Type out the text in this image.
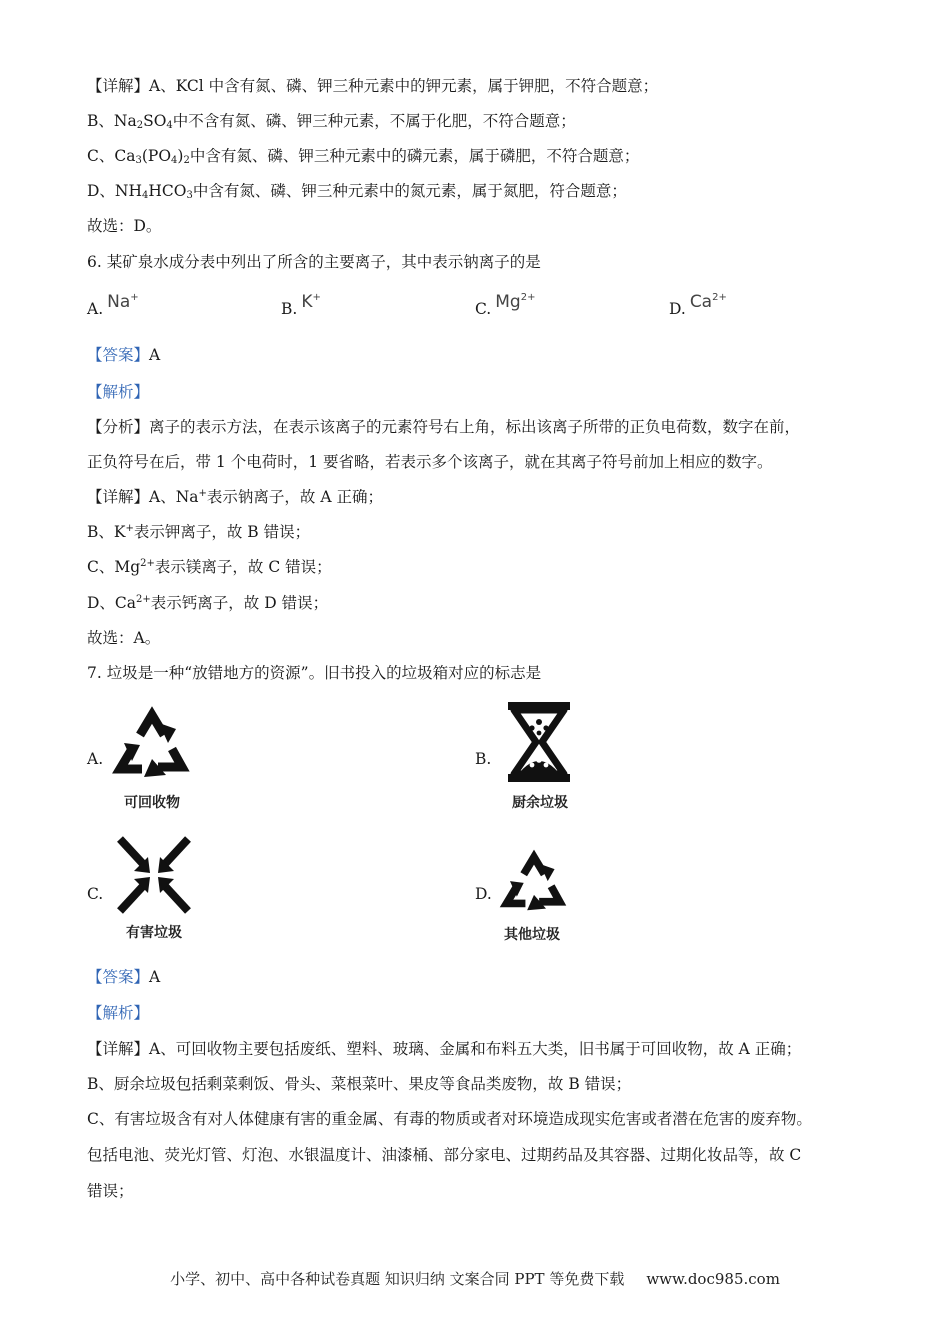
【详解】A、KCl 中含有氮、磷、钾三种元素中的钾元素，属于钾肥，不符合题意；
B、$Na_2SO_4$中不含有氮、磷、钾三种元素，不属于化肥，不符合题意；
C、$Ca_3(PO_4)_2$中含有氮、磷、钾三种元素中的磷元素，属于磷肥，不符合题意；
D、$NH_4HCO_3$中含有氮、磷、钾三种元素中的氮元素，属于氮肥，符合题意；
故选：D。
6. 某矿泉水成分表中列出了所含的主要离子，其中表示钠离子的是
A. Na+
B. K+
C. $Mg^{2+}$
D. $Ca^{2+}$
【答案】A
【解析】
【分析】离子的表示方法，在表示该离子的元素符号右上角，标出该离子所带的正负电荷数，数字在前，
正负符号在后，带 1 个电荷时，1 要省略，若表示多个该离子，就在其离子符号前加上相应的数字。
【详解】A、Na+表示钠离子，故 A 正确；
B、K+表示钾离子，故 B 错误；
C、$Mg^{2+}$表示镁离子，故 C 错误；
D、$Ca^{2+}$表示钙离子，故 D 错误；
故选：A。
7. 垃圾是一种“放错地方的资源”。旧书投入的垃圾箱对应的标志是
A.
可回收物
B.
厨余垃圾
C.
有害垃圾
D.
其他垃圾
【答案】A
【解析】
【详解】A、可回收物主要包括废纸、塑料、玻璃、金属和布料五大类，旧书属于可回收物，故 A 正确；
B、厨余垃圾包括剩菜剩饭、骨头、菜根菜叶、果皮等食品类废物，故 B 错误；
C、有害垃圾含有对人体健康有害的重金属、有毒的物质或者对环境造成现实危害或者潜在危害的废弃物。
包括电池、荧光灯管、灯泡、水银温度计、油漆桶、部分家电、过期药品及其容器、过期化妆品等，故 C
错误；
小学、初中、高中各种试卷真题 知识归纳 文案合同 PPT 等免费下载 www.doc985.com
